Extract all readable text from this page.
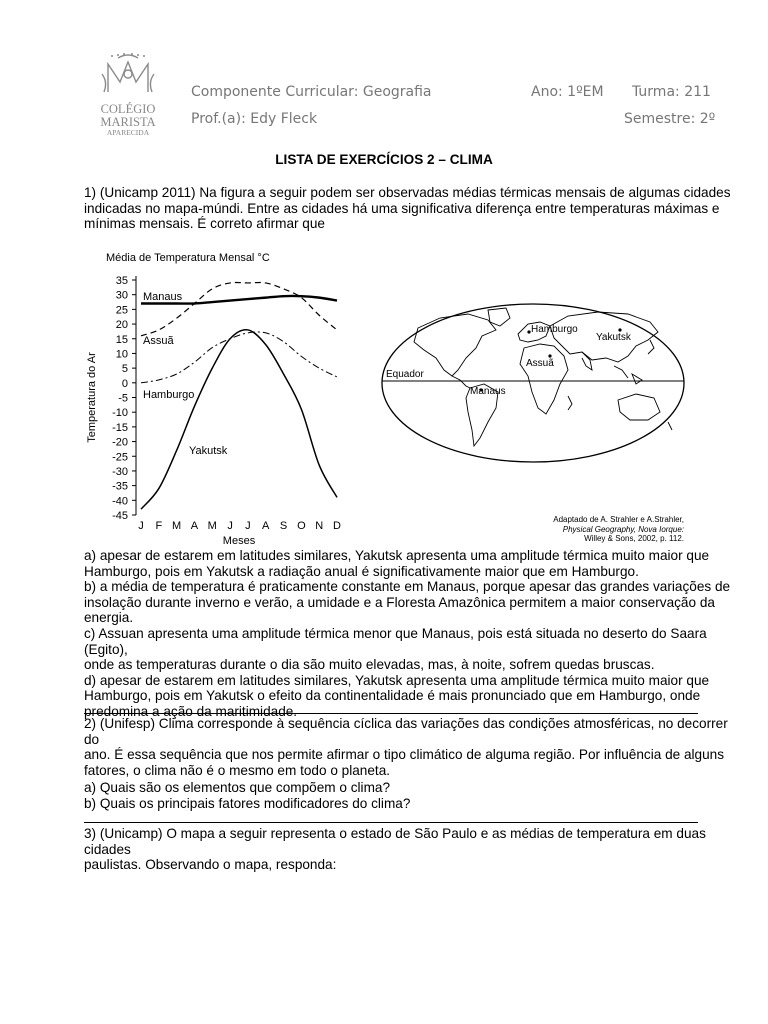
COLÉGIO MARISTA
APARECIDA
Componente Curricular: Geografia	Ano: 1ºEM Turma: 211
Prof.(a): Edy Fleck	Semestre: 2º
LISTA DE EXERCÍCIOS 2 – CLIMA
1) (Unicamp 2011) Na figura a seguir podem ser observadas médias térmicas mensais de algumas cidades
indicadas no mapa-múndi. Entre as cidades há uma significativa diferença entre temperaturas máximas e
mínimas mensais. É correto afirmar que
Média de Temperatura Mensal °C
35
30
25
20
15
10
5
0
-5
-10
-15
-20
-25
-30
-35
-40
-45
J F M A M J J A S O N D
Meses
Temperatura do Ar
Manaus
Assuã
Hamburgo
Yakutsk
Hamburgo
Yakutsk
Assuã
Equador
Manaus
Adaptado de A. Strahler e A.Strahler,
Physical Geography, Nova Iorque:
Willey & Sons, 2002, p. 112.
a) apesar de estarem em latitudes similares, Yakutsk apresenta uma amplitude térmica muito maior que
Hamburgo, pois em Yakutsk a radiação anual é significativamente maior que em Hamburgo.
b) a média de temperatura é praticamente constante em Manaus, porque apesar das grandes variações de
insolação durante inverno e verão, a umidade e a Floresta Amazônica permitem a maior conservação da
energia.
c) Assuan apresenta uma amplitude térmica menor que Manaus, pois está situada no deserto do Saara (Egito),
onde as temperaturas durante o dia são muito elevadas, mas, à noite, sofrem quedas bruscas.
d) apesar de estarem em latitudes similares, Yakutsk apresenta uma amplitude térmica muito maior que
Hamburgo, pois em Yakutsk o efeito da continentalidade é mais pronunciado que em Hamburgo, onde
predomina a ação da maritimidade.
2) (Unifesp) Clima corresponde à sequência cíclica das variações das condições atmosféricas, no decorrer do
ano. É essa sequência que nos permite afirmar o tipo climático de alguma região. Por influência de alguns
fatores, o clima não é o mesmo em todo o planeta.
a) Quais são os elementos que compõem o clima?
b) Quais os principais fatores modificadores do clima?
3) (Unicamp) O mapa a seguir representa o estado de São Paulo e as médias de temperatura em duas cidades
paulistas. Observando o mapa, responda:
